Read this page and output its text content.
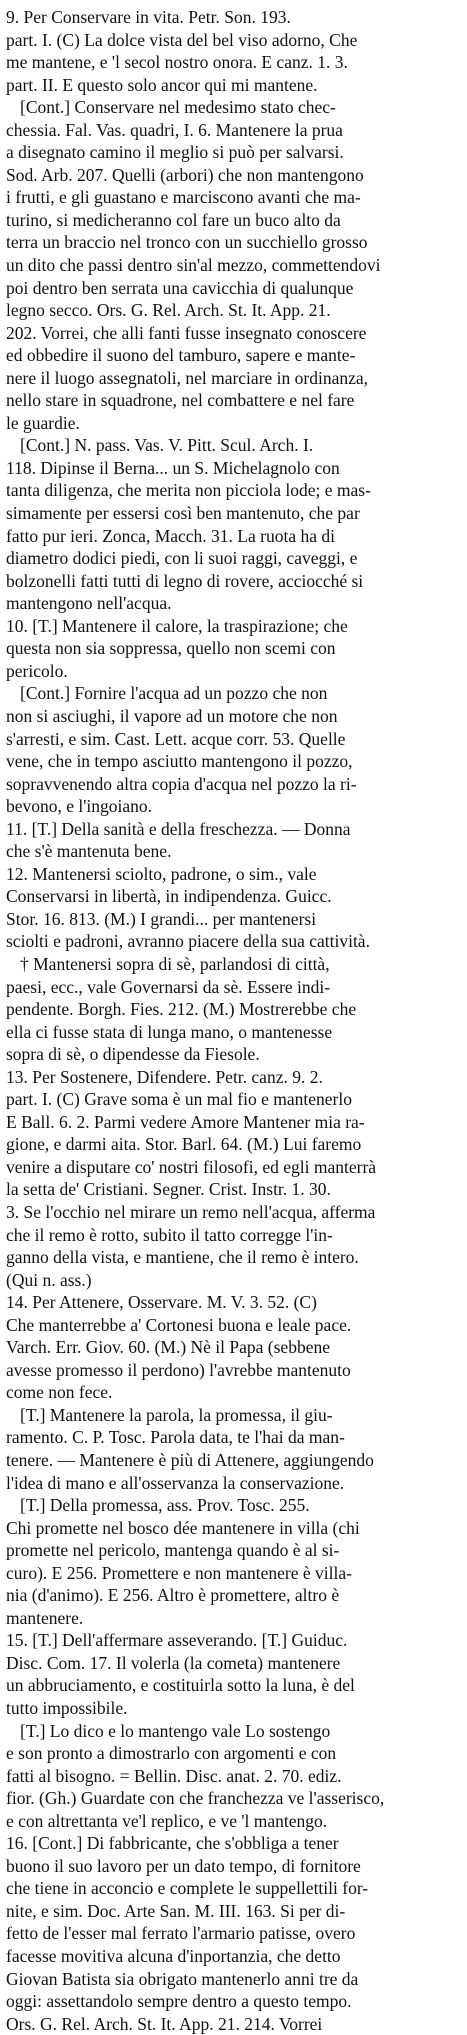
9. Per Conservare in vita. Petr. Son. 193.
part. I. (C) La dolce vista del bel viso adorno, Che
me mantene, e 'l secol nostro onora. E canz. 1. 3.
part. II. E questo solo ancor qui mi mantene.
[Cont.] Conservare nel medesimo stato chec-
chessia. Fal. Vas. quadri, I. 6. Mantenere la prua
a disegnato camino il meglio si può per salvarsi.
Sod. Arb. 207. Quelli (arbori) che non mantengono
i frutti, e gli guastano e marciscono avanti che ma-
turino, si medicheranno col fare un buco alto da
terra un braccio nel tronco con un succhiello grosso
un dito che passi dentro sin'al mezzo, commettendovi
poi dentro ben serrata una cavicchia di qualunque
legno secco. Ors. G. Rel. Arch. St. It. App. 21.
202. Vorrei, che alli fanti fusse insegnato conoscere
ed obbedire il suono del tamburo, sapere e mante-
nere il luogo assegnatoli, nel marciare in ordinanza,
nello stare in squadrone, nel combattere e nel fare
le guardie.
[Cont.] N. pass. Vas. V. Pitt. Scul. Arch. I.
118. Dipinse il Berna... un S. Michelagnolo con
tanta diligenza, che merita non picciola lode; e mas-
simamente per essersi così ben mantenuto, che par
fatto pur ieri. Zonca, Macch. 31. La ruota ha di
diametro dodici piedi, con li suoi raggi, caveggi, e
bolzonelli fatti tutti di legno di rovere, acciocché si
mantengono nell'acqua.
10. [T.] Mantenere il calore, la traspirazione; che
questa non sia soppressa, quello non scemi con
pericolo.
[Cont.] Fornire l'acqua ad un pozzo che non
non si asciughi, il vapore ad un motore che non
s'arresti, e sim. Cast. Lett. acque corr. 53. Quelle
vene, che in tempo asciutto mantengono il pozzo,
sopravvenendo altra copia d'acqua nel pozzo la ri-
bevono, e l'ingoiano.
11. [T.] Della sanità e della freschezza. — Donna
che s'è mantenuta bene.
12. Mantenersi sciolto, padrone, o sim., vale
Conservarsi in libertà, in indipendenza. Guicc.
Stor. 16. 813. (M.) I grandi... per mantenersi
sciolti e padroni, avranno piacere della sua cattività.
† Mantenersi sopra di sè, parlandosi di città,
paesi, ecc., vale Governarsi da sè. Essere indi-
pendente. Borgh. Fies. 212. (M.) Mostrerebbe che
ella ci fusse stata di lunga mano, o mantenesse
sopra di sè, o dipendesse da Fiesole.
13. Per Sostenere, Difendere. Petr. canz. 9. 2.
part. I. (C) Grave soma è un mal fio e mantenerlo
E Ball. 6. 2. Parmi vedere Amore Mantener mia ra-
gione, e darmi aita. Stor. Barl. 64. (M.) Lui faremo
venire a disputare co' nostri filosofi, ed egli manterrà
la setta de' Cristiani. Segner. Crist. Instr. 1. 30.
3. Se l'occhio nel mirare un remo nell'acqua, afferma
che il remo è rotto, subito il tatto corregge l'in-
ganno della vista, e mantiene, che il remo è intero.
(Qui n. ass.)
14. Per Attenere, Osservare. M. V. 3. 52. (C)
Che manterrebbe a' Cortonesi buona e leale pace.
Varch. Err. Giov. 60. (M.) Nè il Papa (sebbene
avesse promesso il perdono) l'avrebbe mantenuto
come non fece.
[T.] Mantenere la parola, la promessa, il giu-
ramento. C. P. Tosc. Parola data, te l'hai da man-
tenere. — Mantenere è più di Attenere, aggiungendo
l'idea di mano e all'osservanza la conservazione.
[T.] Della promessa, ass. Prov. Tosc. 255.
Chi promette nel bosco dée mantenere in villa (chi
promette nel pericolo, mantenga quando è al si-
curo). E 256. Promettere e non mantenere è villa-
nia (d'animo). E 256. Altro è promettere, altro è
mantenere.
15. [T.] Dell'affermare asseverando. [T.] Guiduc.
Disc. Com. 17. Il volerla (la cometa) mantenere
un abbruciamento, e costituirla sotto la luna, è del
tutto impossibile.
[T.] Lo dico e lo mantengo vale Lo sostengo
e son pronto a dimostrarlo con argomenti e con
fatti al bisogno. = Bellin. Disc. anat. 2. 70. ediz.
fior. (Gh.) Guardate con che franchezza ve l'asserisco,
e con altrettanta ve'l replico, e ve 'l mantengo.
16. [Cont.] Di fabbricante, che s'obbliga a tener
buono il suo lavoro per un dato tempo, di fornitore
che tiene in acconcio e complete le suppellettili for-
nite, e sim. Doc. Arte San. M. III. 163. Si per di-
fetto de l'esser mal ferrato l'armario patisse, overo
facesse movitiva alcuna d'inportanzia, che detto
Giovan Batista sia obrigato mantenerlo anni tre da
oggi: assettandolo sempre dentro a questo tempo.
Ors. G. Rel. Arch. St. It. App. 21. 214. Vorrei
